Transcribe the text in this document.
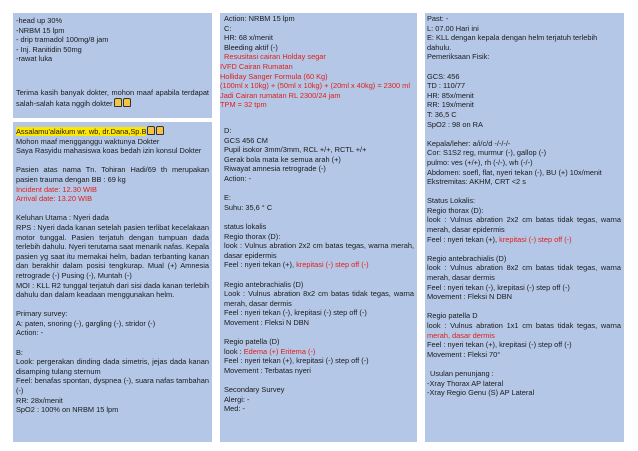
-head up 30%
-NRBM 15 lpm
- drip tramadol 100mg/8 jam
- Inj. Ranitidin 50mg
-rawat luka
Terima kasih banyak dokter, mohon maaf apabila terdapat salah-salah kata nggih dokter
Assalamu'alaikum wr. wb, dr.Dana,Sp.B
Mohon maaf mengganggu waktunya Dokter
Saya Rasyidu mahasiswa koas bedah izin konsul Dokter
Pasien atas nama Tn. Tohiran Hadi/69 th merupakan pasien trauma dengan BB : 69 kg
Incident date: 12.30 WIB
Arrival date: 13.20 WIB
Keluhan Utama : Nyeri dada
RPS : Nyeri dada kanan setelah pasien terlibat kecelakaan motor tunggal. Pasien terjatuh dengan tumpuan dada terlebih dahulu. Nyeri terutama saat menarik nafas. Kepala pasien yg saat itu memakai helm, badan terbanting kanan dan berakhir dalam posisi tengkurap. Mual (+) Amnesia retrograde (-) Pusing (-), Muntah (-)
MOI : KLL R2 tunggal terjatuh dari sisi dada kanan terlebih dahulu dan dalam keadaan menggunakan helm.
Primary survey:
A: paten, snoring (-), gargling (-), stridor (-)
Action: -
B:
Look: pergerakan dinding dada simetris, jejas dada kanan disamping tulang sternum
Feel: benafas spontan, dyspnea (-), suara nafas tambahan (-)
RR: 28x/menit
SpO2 : 100% on NRBM 15 lpm
Action: NRBM 15 lpm
C:
HR: 68 x/menit
Bleeding aktif (-)
Resusitasi cairan Holday segar
IVFD Cairan Rumatan
Holliday Sanger Formula (60 Kg)
(100ml x 10kg) + (50ml x 10kg) + (20ml x 40kg) = 2300 ml
Jadi Cairan rumatan RL 2300/24 jam
TPM = 32 tpm
D:
GCS 456 CM
Pupil isokor 3mm/3mm, RCL +/+, RCTL +/+
Gerak bola mata ke semua arah (+)
Riwayat amnesia retrograde (-)
Action: -
E:
Suhu: 35,6 ° C
status lokalis
Regio thorax (D):
look : Vulnus abration 2x2 cm batas tegas, warna merah, dasar epidermis
Feel : nyeri tekan (+), krepitasi (-) step off (-)
Regio antebrachialis (D)
Look : Vulnus abration 8x2 cm batas tidak tegas, warna merah, dasar dermis
Feel : nyeri tekan (-), krepitasi (-) step off (-)
Movement : Fleksi N DBN
Regio patella (D)
look : Edema (+) Eritema (-)
Feel : nyeri tekan (+), krepitasi (-) step off (-)
Movement : Terbatas nyeri
Secondary Survey
Alergi: -
Med: -
Past: -
L: 07.00 Hari ini
E: KLL dengan kepala dengan helm terjatuh terlebih dahulu.
Pemeriksaan Fisik:
GCS: 456
TD : 110/77
HR: 85x/menit
RR: 19x/menit
T: 36,5 C
SpO2 : 98 on RA
Kepala/leher: a/i/c/d -/-/-/-
Cor: S1S2 reg, murmur (-), gallop (-)
pulmo: ves (+/+), rh (-/-), wh (-/-)
Abdomen: soefl, flat, nyeri tekan (-), BU (+) 10x/menit
Ekstremitas: AKHM, CRT <2 s
Status Lokalis:
Regio thorax (D):
look : Vulnus abration 2x2 cm batas tidak tegas, warna merah, dasar epidermis
Feel : nyeri tekan (+), krepitasi (-) step off (-)
Regio antebrachialis (D)
look : Vulnus abration 8x2 cm batas tidak tegas, warna merah, dasar dermis
Feel : nyeri tekan (-), krepitasi (-) step off (-)
Movement : Fleksi N DBN
Regio patella D
look : Vulnus abration 1x1 cm batas tidak tegas, warna merah, dasar dermis
Feel : nyeri tekan (+), krepitasi (-) step off (-)
Movement : Fleksi 70°
Usulan penunjang :
-Xray Thorax AP lateral
-Xray Regio Genu (S) AP Lateral
